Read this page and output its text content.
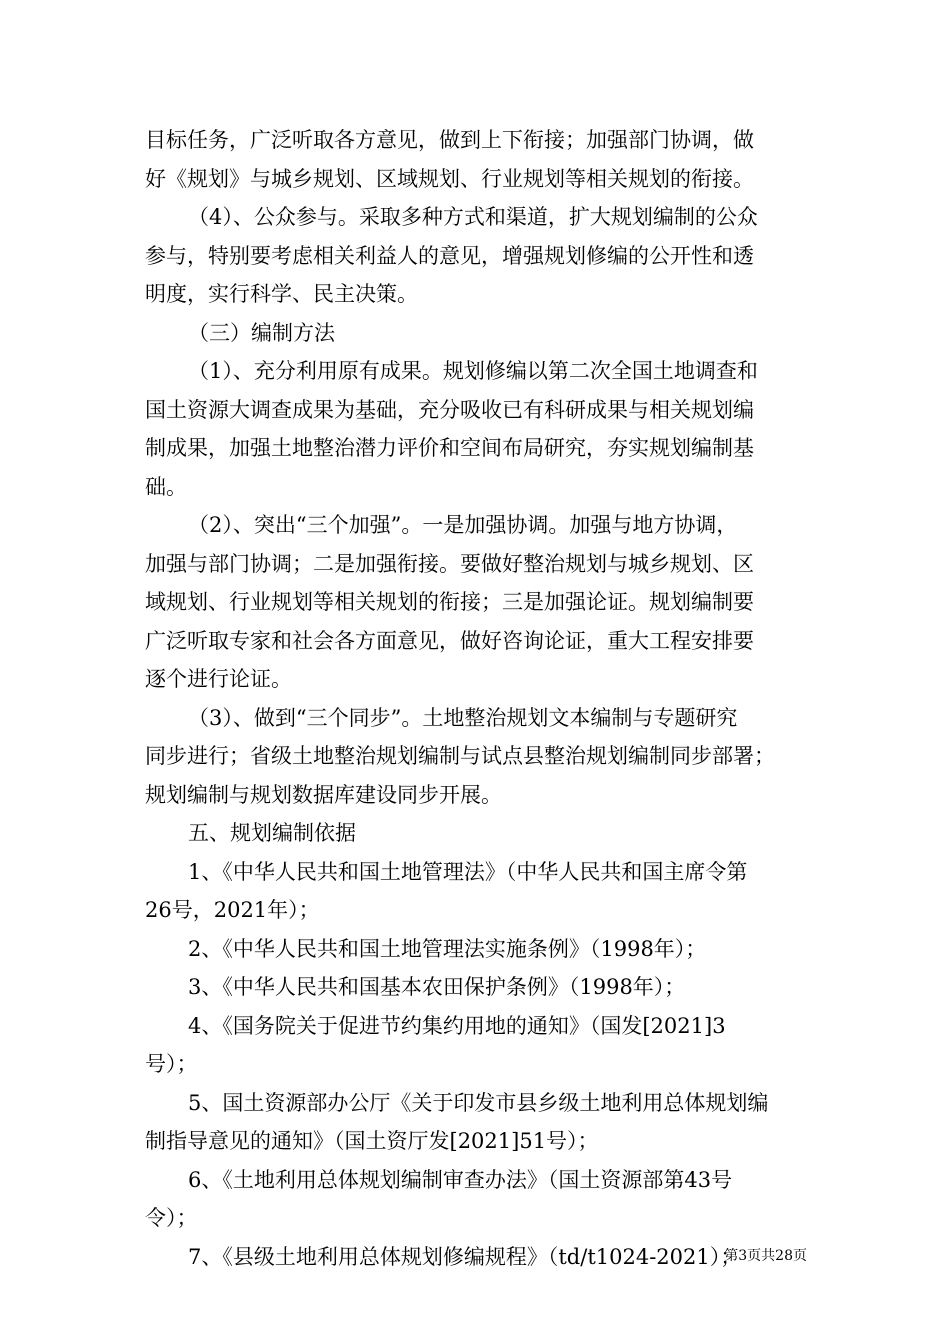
目标任务，广泛听取各方意见，做到上下衔接；加强部门协调，做
好《规划》与城乡规划、区域规划、行业规划等相关规划的衔接。
（4）、公众参与。采取多种方式和渠道，扩大规划编制的公众
参与，特别要考虑相关利益人的意见，增强规划修编的公开性和透
明度，实行科学、民主决策。
（三）编制方法
（1）、充分利用原有成果。规划修编以第二次全国土地调查和
国土资源大调查成果为基础，充分吸收已有科研成果与相关规划编
制成果，加强土地整治潜力评价和空间布局研究，夯实规划编制基
础。
（2）、突出“三个加强”。一是加强协调。加强与地方协调，
加强与部门协调；二是加强衔接。要做好整治规划与城乡规划、区
域规划、行业规划等相关规划的衔接；三是加强论证。规划编制要
广泛听取专家和社会各方面意见，做好咨询论证，重大工程安排要
逐个进行论证。
（3）、做到“三个同步”。土地整治规划文本编制与专题研究
同步进行；省级土地整治规划编制与试点县整治规划编制同步部署；
规划编制与规划数据库建设同步开展。
五、规划编制依据
1、《中华人民共和国土地管理法》（中华人民共和国主席令第
26号，2021年）；
2、《中华人民共和国土地管理法实施条例》（1998年）；
3、《中华人民共和国基本农田保护条例》（1998年）；
4、《国务院关于促进节约集约用地的通知》（国发[2021]3
号）；
5、国土资源部办公厅《关于印发市县乡级土地利用总体规划编
制指导意见的通知》（国土资厅发[2021]51号）；
6、《土地利用总体规划编制审查办法》（国土资源部第43号
令）；
7、《县级土地利用总体规划修编规程》（td/t1024-2021）；
第3页共28页
